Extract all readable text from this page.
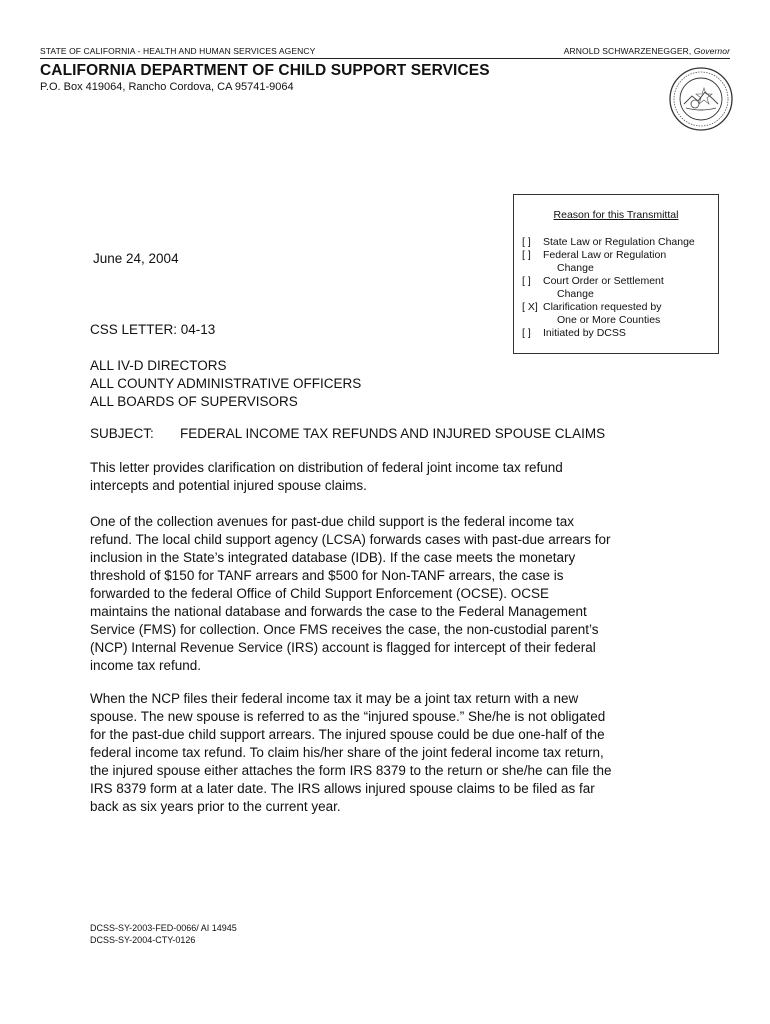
STATE OF CALIFORNIA - HEALTH AND HUMAN SERVICES AGENCY	ARNOLD SCHWARZENEGGER, Governor
CALIFORNIA DEPARTMENT OF CHILD SUPPORT SERVICES
P.O. Box 419064, Rancho Cordova, CA 95741-9064
Reason for this Transmittal
[ ]	State Law or Regulation Change
[ ]	Federal Law or Regulation
Change
[ ]	Court Order or Settlement
Change
[ X] Clarification requested by
One or More Counties
[ ]	Initiated by DCSS
June 24, 2004
CSS LETTER: 04-13
ALL IV-D DIRECTORS
ALL COUNTY ADMINISTRATIVE OFFICERS
ALL BOARDS OF SUPERVISORS
SUBJECT: FEDERAL INCOME TAX REFUNDS AND INJURED SPOUSE CLAIMS
This letter provides clarification on distribution of federal joint income tax refund
intercepts and potential injured spouse claims.
One of the collection avenues for past-due child support is the federal income tax
refund. The local child support agency (LCSA) forwards cases with past-due arrears for
inclusion in the State’s integrated database (IDB). If the case meets the monetary
threshold of $150 for TANF arrears and $500 for Non-TANF arrears, the case is
forwarded to the federal Office of Child Support Enforcement (OCSE). OCSE
maintains the national database and forwards the case to the Federal Management
Service (FMS) for collection. Once FMS receives the case, the non-custodial parent’s
(NCP) Internal Revenue Service (IRS) account is flagged for intercept of their federal
income tax refund.
When the NCP files their federal income tax it may be a joint tax return with a new
spouse. The new spouse is referred to as the “injured spouse.” She/he is not obligated
for the past-due child support arrears. The injured spouse could be due one-half of the
federal income tax refund. To claim his/her share of the joint federal income tax return,
the injured spouse either attaches the form IRS 8379 to the return or she/he can file the
IRS 8379 form at a later date. The IRS allows injured spouse claims to be filed as far
back as six years prior to the current year.
DCSS-SY-2003-FED-0066/ AI 14945
DCSS-SY-2004-CTY-0126
